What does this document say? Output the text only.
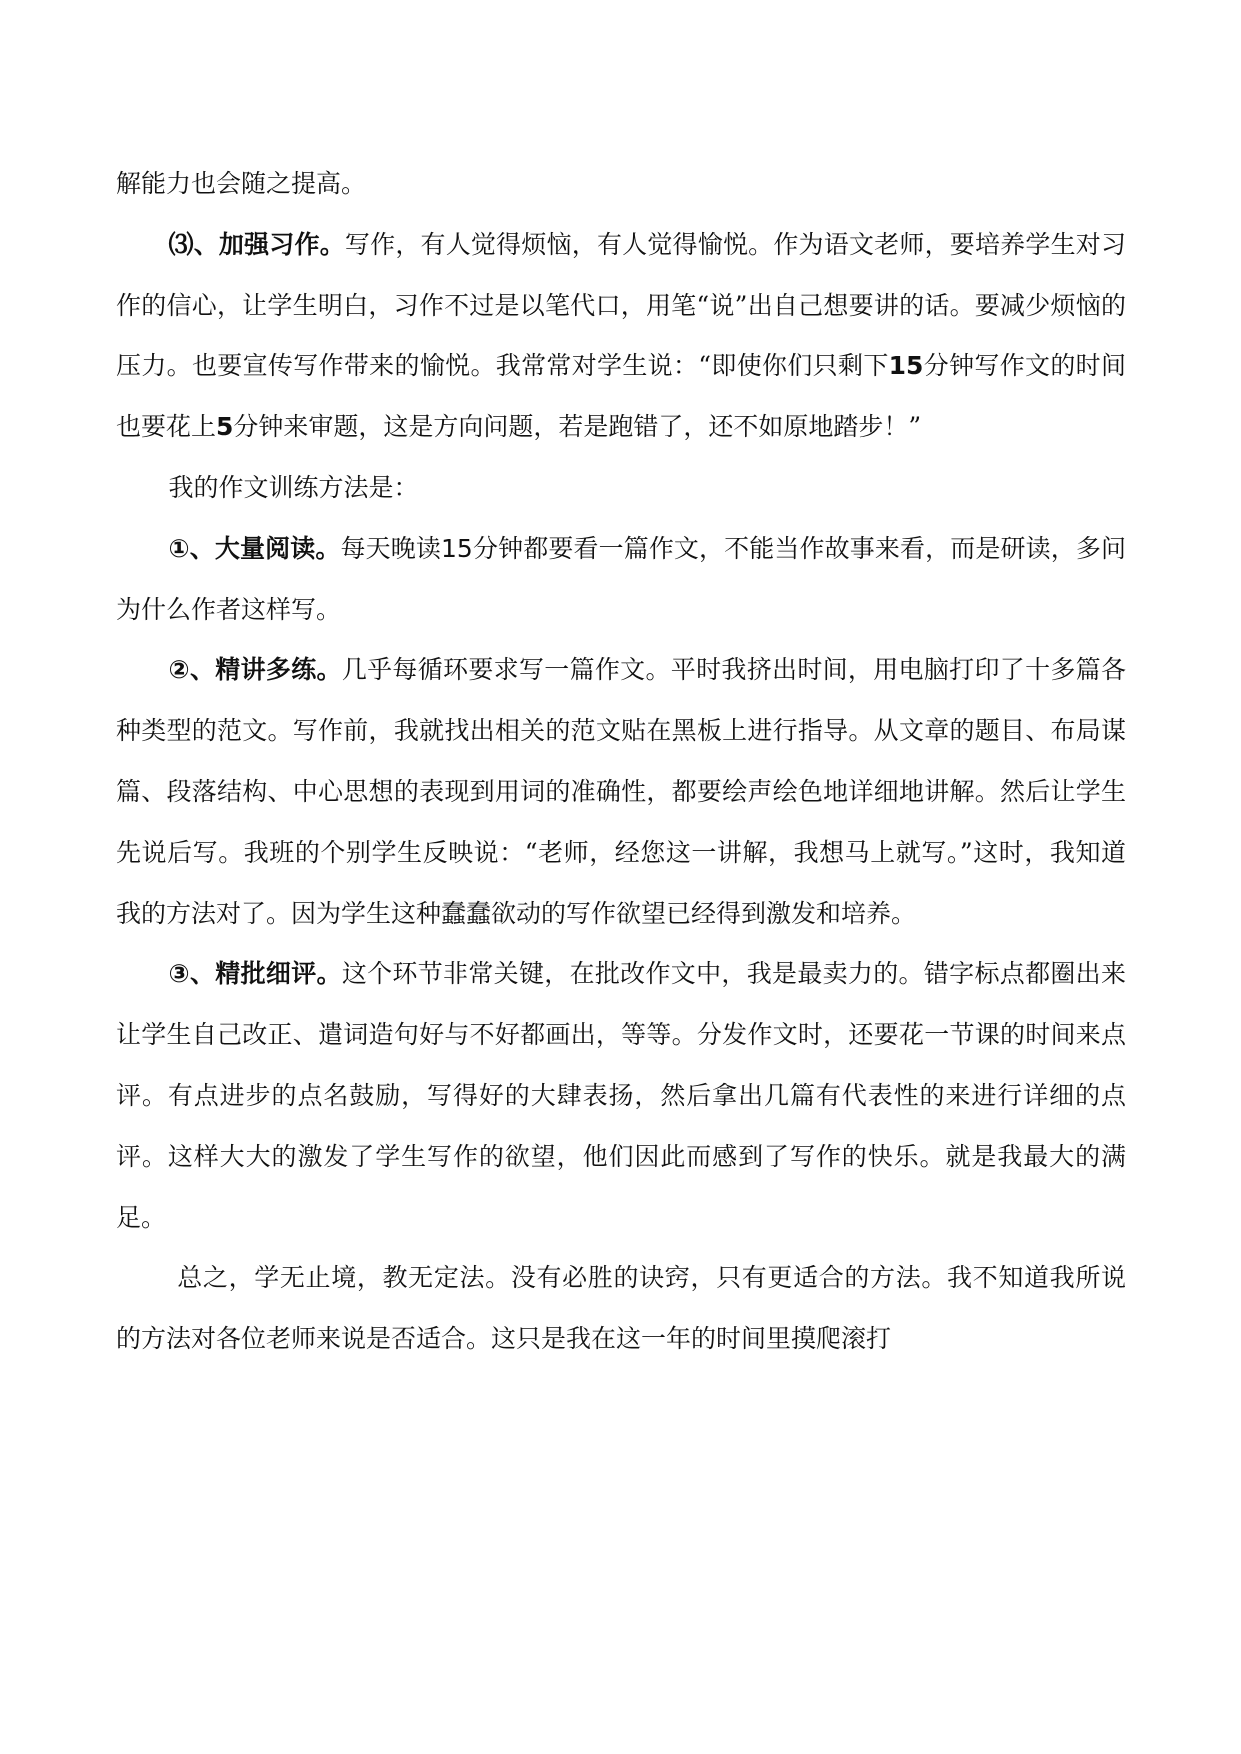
解能力也会随之提高。

⑶、加强习作。写作，有人觉得烦恼，有人觉得愉悦。作为语文老师，要培养学生对习作的信心，让学生明白，习作不过是以笔代口，用笔“说”出自己想要讲的话。要减少烦恼的压力。也要宣传写作带来的愉悦。我常常对学生说：“即使你们只剩下15分钟写作文的时间也要花上5分钟来审题，这是方向问题，若是跑错了，还不如原地踏步！”

我的作文训练方法是：

①、大量阅读。每天晚读15分钟都要看一篇作文，不能当作故事来看，而是研读，多问为什么作者这样写。

②、精讲多练。几乎每循环要求写一篇作文。平时我挤出时间，用电脑打印了十多篇各种类型的范文。写作前，我就找出相关的范文贴在黑板上进行指导。从文章的题目、布局谋篇、段落结构、中心思想的表现到用词的准确性，都要绘声绘色地详细地讲解。然后让学生先说后写。我班的个别学生反映说：“老师，经您这一讲解，我想马上就写。”这时，我知道我的方法对了。因为学生这种蠢蠢欲动的写作欲望已经得到激发和培养。

③、精批细评。这个环节非常关键，在批改作文中，我是最卖力的。错字标点都圈出来让学生自己改正、遣词造句好与不好都画出，等等。分发作文时，还要花一节课的时间来点评。有点进步的点名鼓励，写得好的大肆表扬，然后拿出几篇有代表性的来进行详细的点评。这样大大的激发了学生写作的欲望，他们因此而感到了写作的快乐。就是我最大的满足。

总之，学无止境，教无定法。没有必胜的诀窍，只有更适合的方法。我不知道我所说的方法对各位老师来说是否适合。这只是我在这一年的时间里摸爬滚打
